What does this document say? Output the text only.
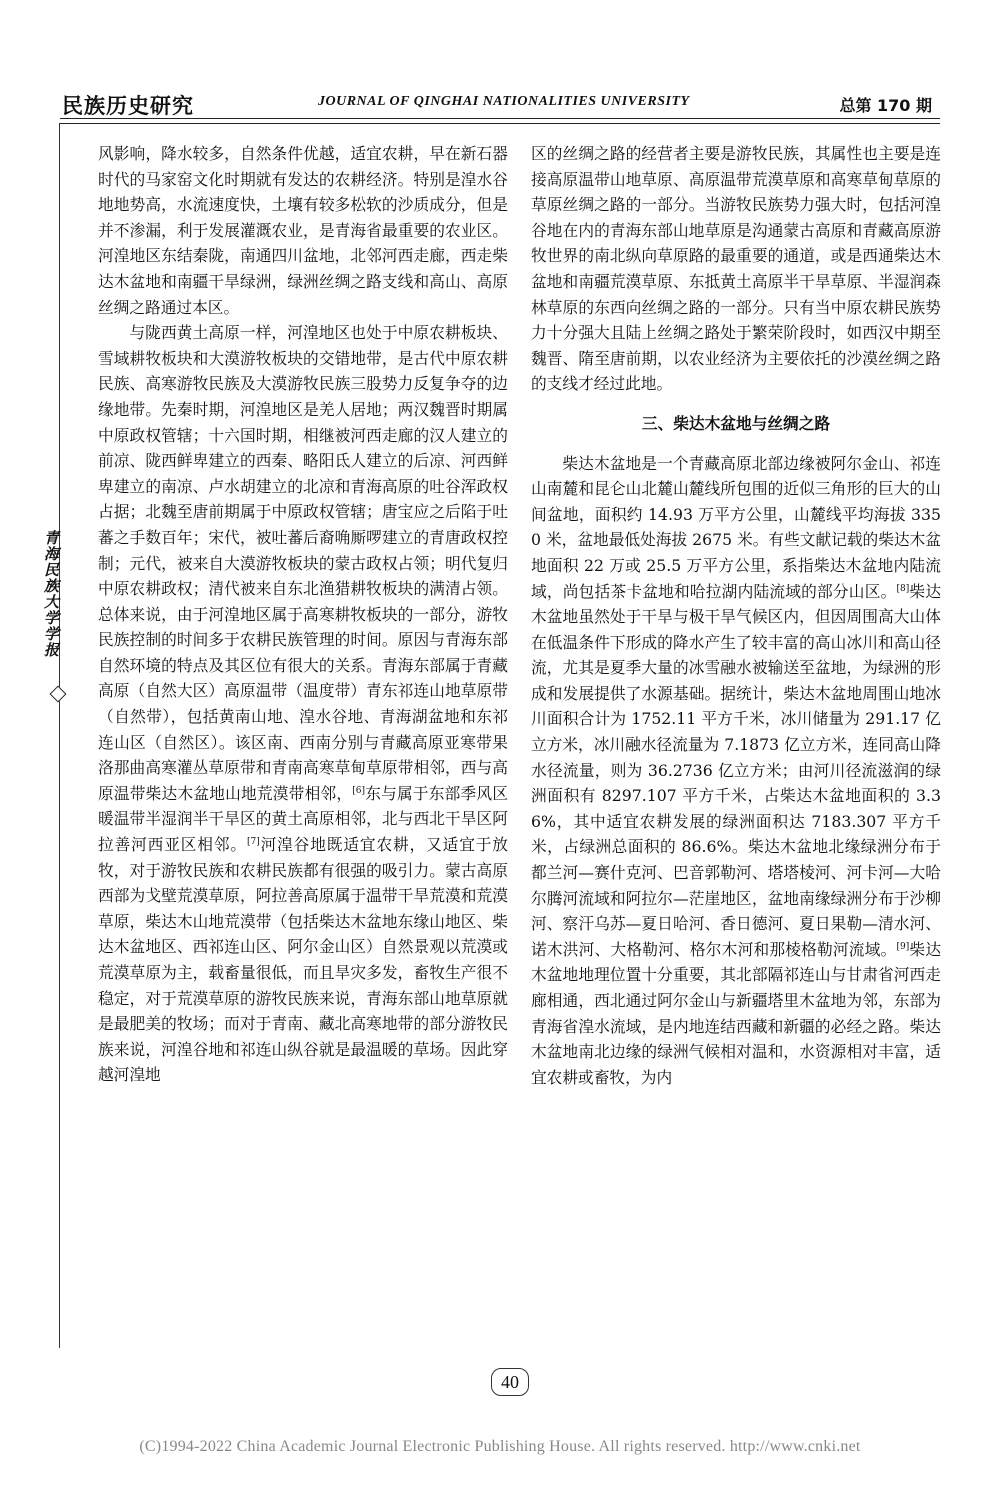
民族历史研究	JOURNAL OF QINGHAI NATIONALITIES UNIVERSITY	总第 170 期
青海民族大学学报

风影响，降水较多，自然条件优越，适宜农耕，早在新石器时代的马家窑文化时期就有发达的农耕经济。特别是湟水谷地地势高，水流速度快，土壤有较多松软的沙质成分，但是并不渗漏，利于发展灌溉农业，是青海省最重要的农业区。河湟地区东结秦陇，南通四川盆地，北邻河西走廊，西走柴达木盆地和南疆干旱绿洲，绿洲丝绸之路支线和高山、高原丝绸之路通过本区。

与陇西黄土高原一样，河湟地区也处于中原农耕板块、雪域耕牧板块和大漠游牧板块的交错地带，是古代中原农耕民族、高寒游牧民族及大漠游牧民族三股势力反复争夺的边缘地带。先秦时期，河湟地区是羌人居地；两汉魏晋时期属中原政权管辖；十六国时期，相继被河西走廊的汉人建立的前凉、陇西鲜卑建立的西秦、略阳氐人建立的后凉、河西鲜卑建立的南凉、卢水胡建立的北凉和青海高原的吐谷浑政权占据；北魏至唐前期属于中原政权管辖；唐宝应之后陷于吐蕃之手数百年；宋代，被吐蕃后裔唃厮啰建立的青唐政权控制；元代，被来自大漠游牧板块的蒙古政权占领；明代复归中原农耕政权；清代被来自东北渔猎耕牧板块的满清占领。总体来说，由于河湟地区属于高寒耕牧板块的一部分，游牧民族控制的时间多于农耕民族管理的时间。原因与青海东部自然环境的特点及其区位有很大的关系。青海东部属于青藏高原（自然大区）高原温带（温度带）青东祁连山地草原带（自然带），包括黄南山地、湟水谷地、青海湖盆地和东祁连山区（自然区）。该区南、西南分别与青藏高原亚寒带果洛那曲高寒灌丛草原带和青南高寒草甸草原带相邻，西与高原温带柴达木盆地山地荒漠带相邻，[6]东与属于东部季风区暖温带半湿润半干旱区的黄土高原相邻，北与西北干旱区阿拉善河西亚区相邻。[7]河湟谷地既适宜农耕，又适宜于放牧，对于游牧民族和农耕民族都有很强的吸引力。蒙古高原西部为戈壁荒漠草原，阿拉善高原属于温带干旱荒漠和荒漠草原，柴达木山地荒漠带（包括柴达木盆地东缘山地区、柴达木盆地区、西祁连山区、阿尔金山区）自然景观以荒漠或荒漠草原为主，载畜量很低，而且旱灾多发，畜牧生产很不稳定，对于荒漠草原的游牧民族来说，青海东部山地草原就是最肥美的牧场；而对于青南、藏北高寒地带的部分游牧民族来说，河湟谷地和祁连山纵谷就是最温暖的草场。因此穿越河湟地

区的丝绸之路的经营者主要是游牧民族，其属性也主要是连接高原温带山地草原、高原温带荒漠草原和高寒草甸草原的草原丝绸之路的一部分。当游牧民族势力强大时，包括河湟谷地在内的青海东部山地草原是沟通蒙古高原和青藏高原游牧世界的南北纵向草原路的最重要的通道，或是西通柴达木盆地和南疆荒漠草原、东抵黄土高原半干旱草原、半湿润森林草原的东西向丝绸之路的一部分。只有当中原农耕民族势力十分强大且陆上丝绸之路处于繁荣阶段时，如西汉中期至魏晋、隋至唐前期，以农业经济为主要依托的沙漠丝绸之路的支线才经过此地。

三、柴达木盆地与丝绸之路

柴达木盆地是一个青藏高原北部边缘被阿尔金山、祁连山南麓和昆仑山北麓山麓线所包围的近似三角形的巨大的山间盆地，面积约 14.93 万平方公里，山麓线平均海拔 3350 米，盆地最低处海拔 2675 米。有些文献记载的柴达木盆地面积 22 万或 25.5 万平方公里，系指柴达木盆地内陆流域，尚包括茶卡盆地和哈拉湖内陆流域的部分山区。[8]柴达木盆地虽然处于干旱与极干旱气候区内，但因周围高大山体在低温条件下形成的降水产生了较丰富的高山冰川和高山径流，尤其是夏季大量的冰雪融水被输送至盆地，为绿洲的形成和发展提供了水源基础。据统计，柴达木盆地周围山地冰川面积合计为 1752.11 平方千米，冰川储量为 291.17 亿立方米，冰川融水径流量为 7.1873 亿立方米，连同高山降水径流量，则为 36.2736 亿立方米；由河川径流滋润的绿洲面积有 8297.107 平方千米，占柴达木盆地面积的 3.36%，其中适宜农耕发展的绿洲面积达 7183.307 平方千米，占绿洲总面积的 86.6%。柴达木盆地北缘绿洲分布于都兰河—赛什克河、巴音郭勒河、塔塔棱河、河卡河—大哈尔腾河流域和阿拉尔—茫崖地区，盆地南缘绿洲分布于沙柳河、察汗乌苏—夏日哈河、香日德河、夏日果勒—清水河、诺木洪河、大格勒河、格尔木河和那棱格勒河流域。[9]柴达木盆地地理位置十分重要，其北部隔祁连山与甘肃省河西走廊相通，西北通过阿尔金山与新疆塔里木盆地为邻，东部为青海省湟水流域，是内地连结西藏和新疆的必经之路。柴达木盆地南北边缘的绿洲气候相对温和，水资源相对丰富，适宜农耕或畜牧，为内

40
(C)1994-2022 China Academic Journal Electronic Publishing House. All rights reserved. http://www.cnki.net
